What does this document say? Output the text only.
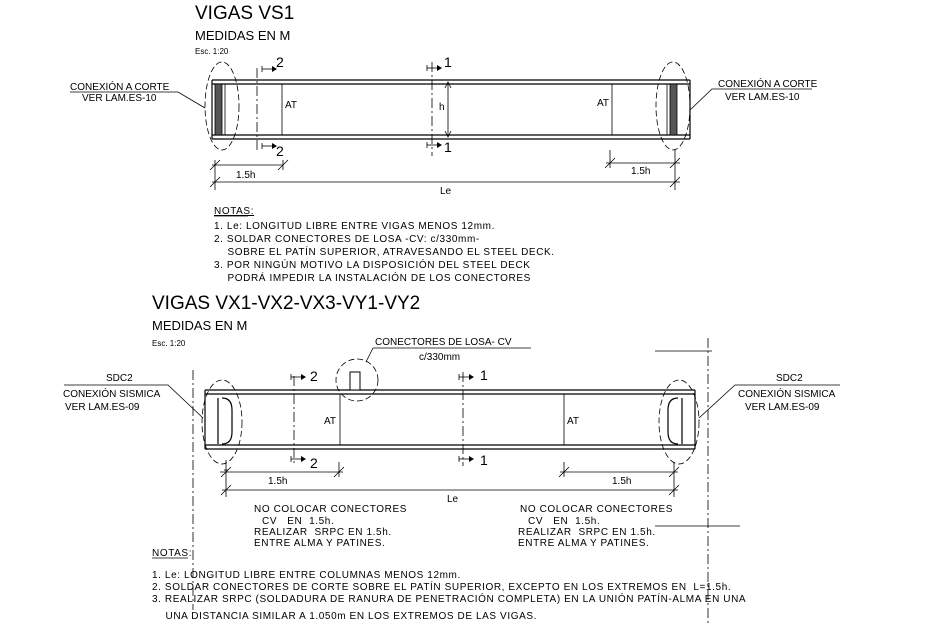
VIGAS VS1
MEDIDAS EN M
Esc. 1:20
2
2
1
1
h
AT	AT
CONEXIÓN A CORTE
VER LAM.ES-10
CONEXIÓN A CORTE
VER LAM.ES-10
1.5h	1.5h
Le
NOTAS:
1. Le: LONGITUD LIBRE ENTRE VIGAS MENOS 12mm.
2. SOLDAR CONECTORES DE LOSA -CV: c/330mm-
SOBRE EL PATÍN SUPERIOR, ATRAVESANDO EL STEEL DECK.
3. POR NINGÚN MOTIVO LA DISPOSICIÓN DEL STEEL DECK
PODRÁ IMPEDIR LA INSTALACIÓN DE LOS CONECTORES
VIGAS VX1-VX2-VX3-VY1-VY2
MEDIDAS EN M
Esc. 1:20
2
2
1
1
AT	AT
CONECTORES DE LOSA- CV
c/330mm
SDC2
CONEXIÓN SISMICA
VER LAM.ES-09
SDC2
CONEXIÓN SISMICA
VER LAM.ES-09
1.5h	1.5h
Le
NO COLOCAR CONECTORES
CV   EN  1.5h.
REALIZAR  SRPC EN 1.5h.
ENTRE ALMA Y PATINES.
NO COLOCAR CONECTORES
CV   EN  1.5h.
REALIZAR  SRPC EN 1.5h.
ENTRE ALMA Y PATINES.
NOTAS:
1. Le: LONGITUD LIBRE ENTRE COLUMNAS MENOS 12mm.
2. SOLDAR CONECTORES DE CORTE SOBRE EL PATÍN SUPERIOR, EXCEPTO EN LOS EXTREMOS EN  L=1.5h.
3. REALIZAR SRPC (SOLDADURA DE RANURA DE PENETRACIÓN COMPLETA) EN LA UNIÓN PATÍN-ALMA EN UNA
UNA DISTANCIA SIMILAR A 1.050m EN LOS EXTREMOS DE LAS VIGAS.
